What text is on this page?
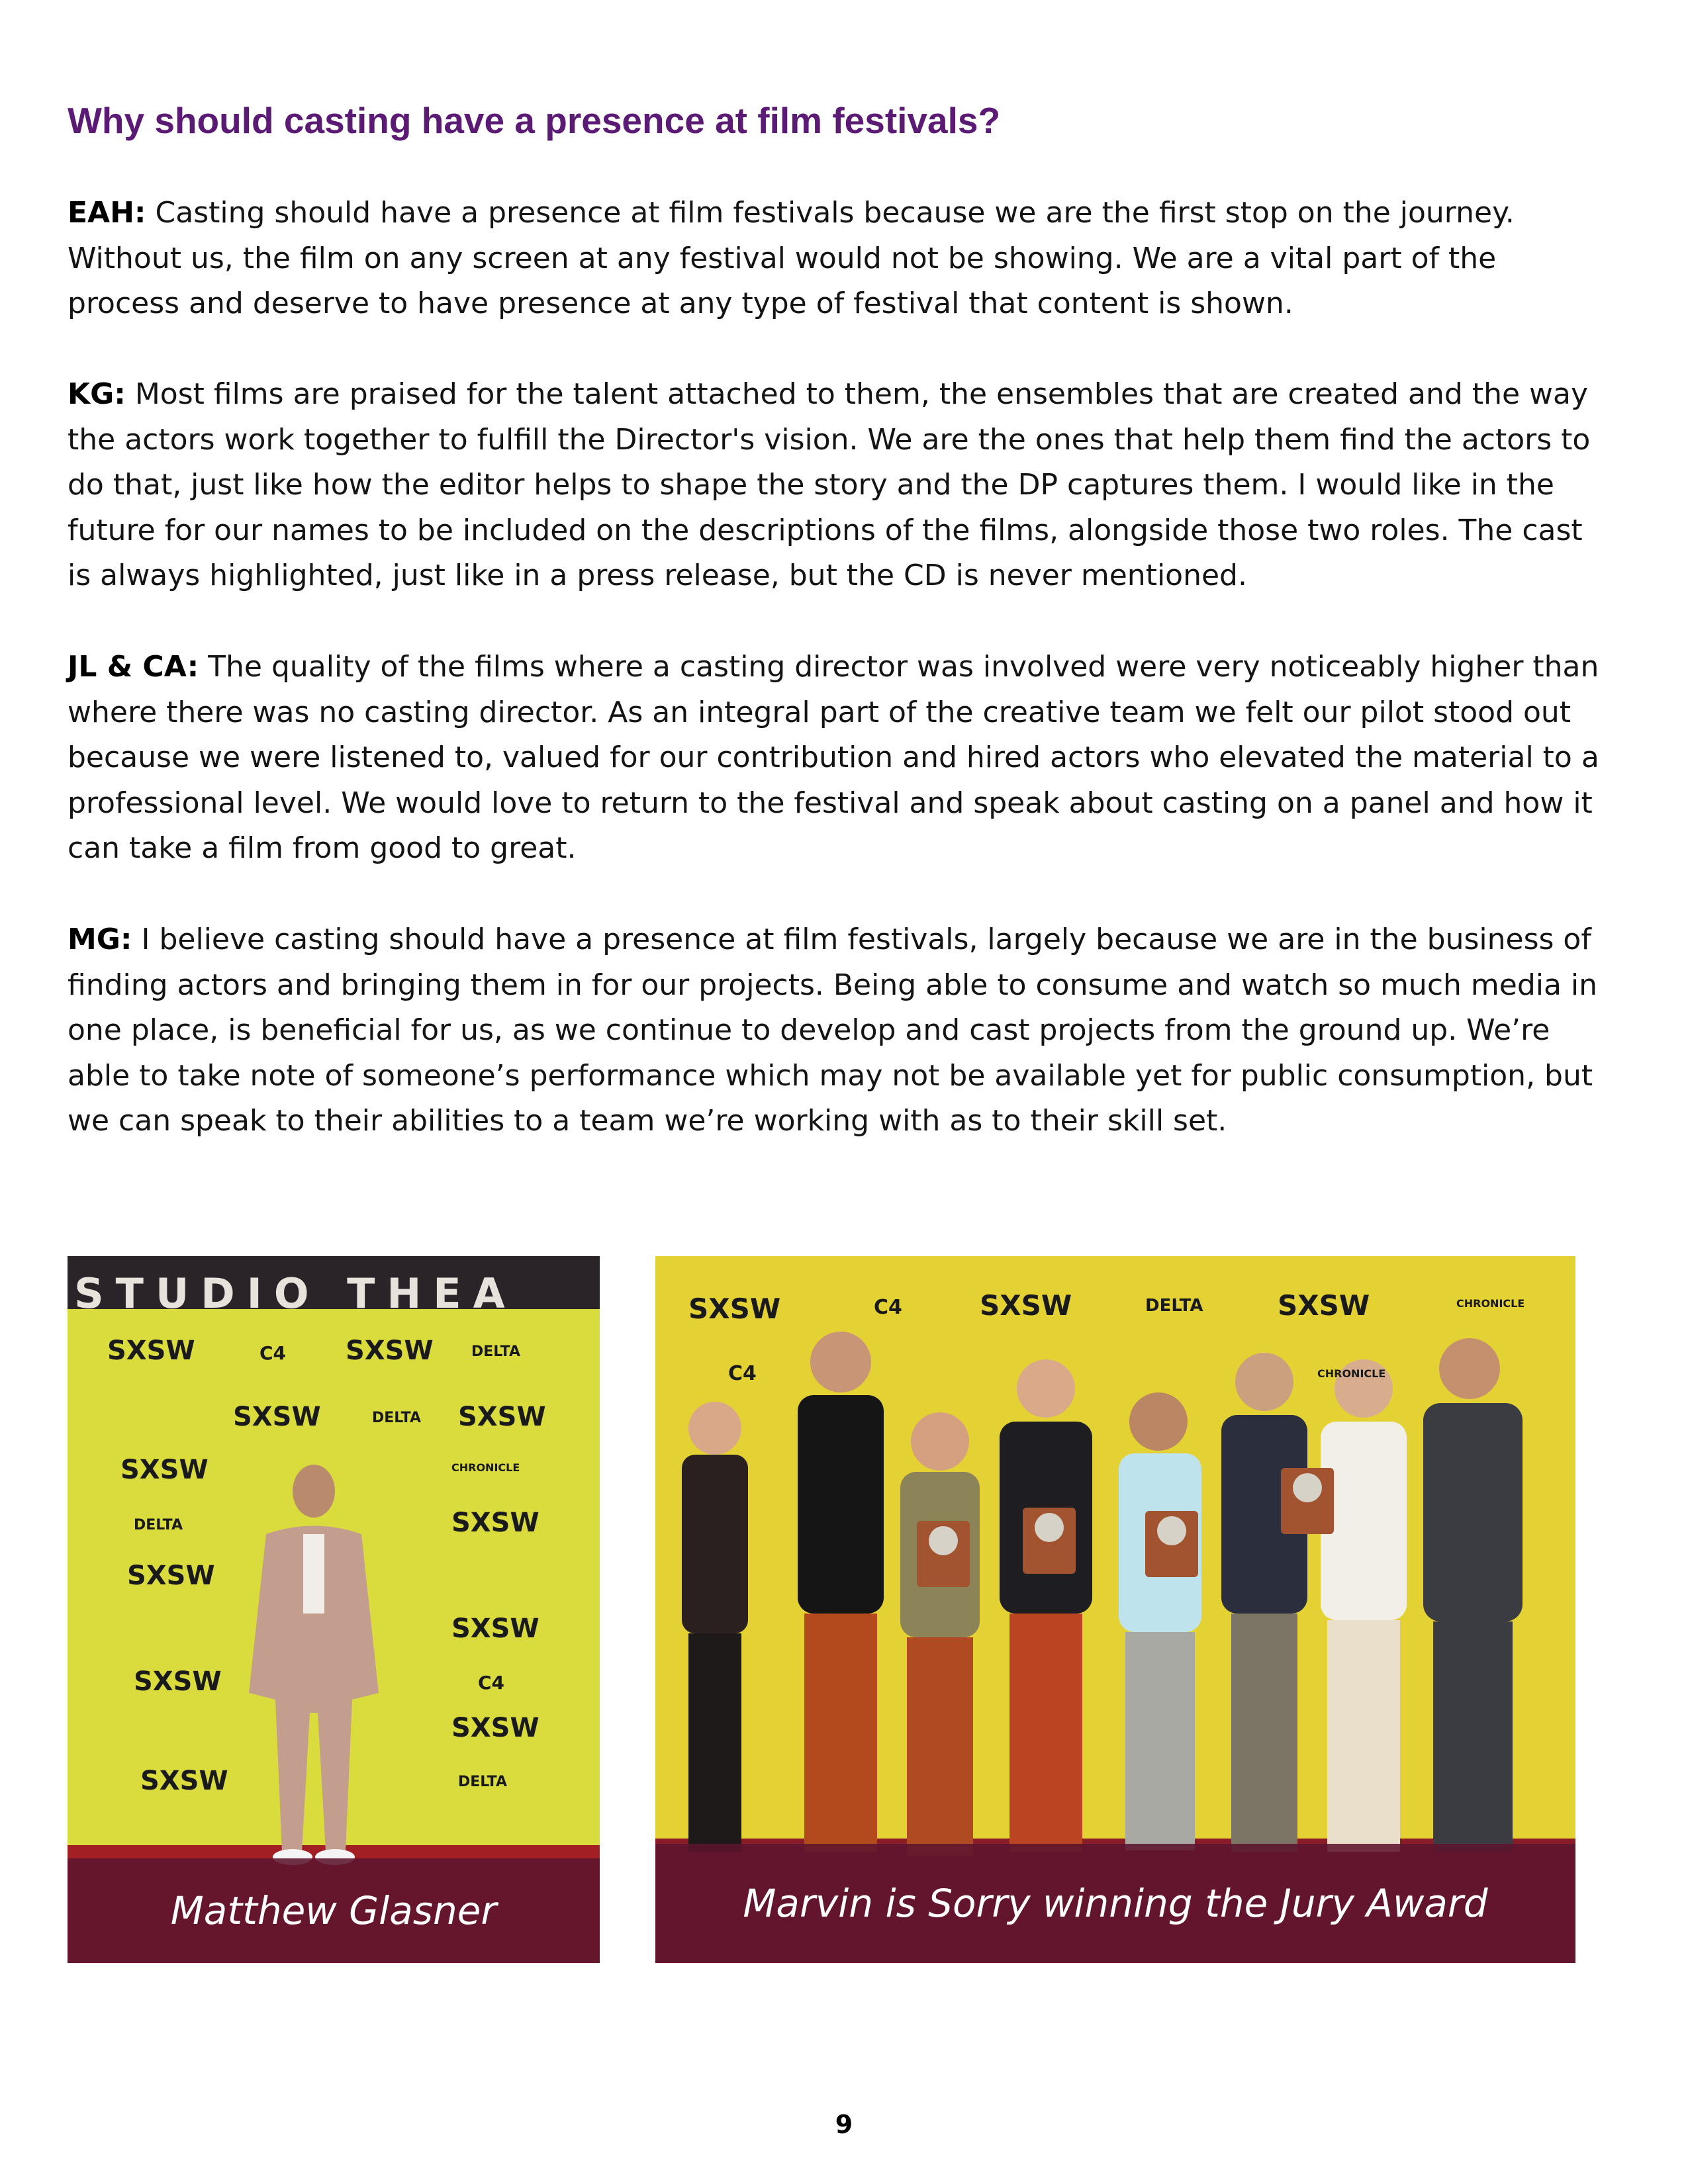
Why should casting have a presence at film festivals?

EAH: Casting should have a presence at film festivals because we are the first stop on the journey. Without us, the film on any screen at any festival would not be showing. We are a vital part of the process and deserve to have presence at any type of festival that content is shown.

KG: Most films are praised for the talent attached to them, the ensembles that are created and the way the actors work together to fulfill the Director's vision. We are the ones that help them find the actors to do that, just like how the editor helps to shape the story and the DP captures them. I would like in the future for our names to be included on the descriptions of the films, alongside those two roles. The cast is always highlighted, just like in a press release, but the CD is never mentioned.

JL & CA: The quality of the films where a casting director was involved were very noticeably higher than where there was no casting director. As an integral part of the creative team we felt our pilot stood out because we were listened to, valued for our contribution and hired actors who elevated the material to a professional level. We would love to return to the festival and speak about casting on a panel and how it can take a film from good to great.

MG: I believe casting should have a presence at film festivals, largely because we are in the business of finding actors and bringing them in for our projects. Being able to consume and watch so much media in one place, is beneficial for us, as we continue to develop and cast projects from the ground up. We’re able to take note of someone’s performance which may not be available yet for public consumption, but we can speak to their abilities to a team we’re working with as to their skill set.

STUDIO THEA
SXSW	C4 SXSW	DELTA
SXSW	DELTA SXSW
SXSW	CHRONICLE
DELTA	SXSW
SXSW
SXSW
SXSW	C4
SXSW
SXSW	DELTA
Matthew Glasner
SXSW	C4	SXSW	DELTA	SXSW	CHRONICLE
C4	CHRONICLE
Marvin is Sorry winning the Jury Award
9
